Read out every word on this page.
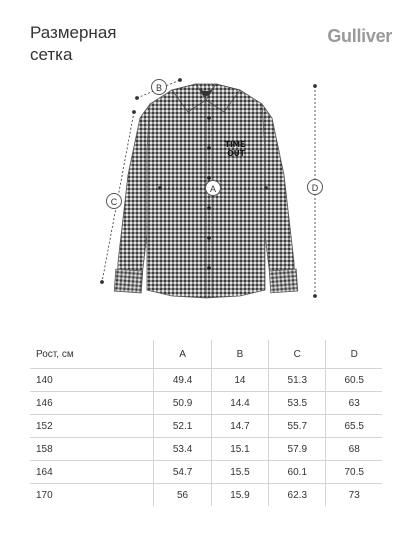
Размерная
сетка
Gulliver
TIME
OUT
B
C
A	D
Рост, см	A	B	C	D
140	49.4	14	51.3	60.5
146	50.9	14.4	53.5	63
152	52.1	14.7	55.7	65.5
158	53.4	15.1	57.9	68
164	54.7	15.5	60.1	70.5
170	56	15.9	62.3	73
